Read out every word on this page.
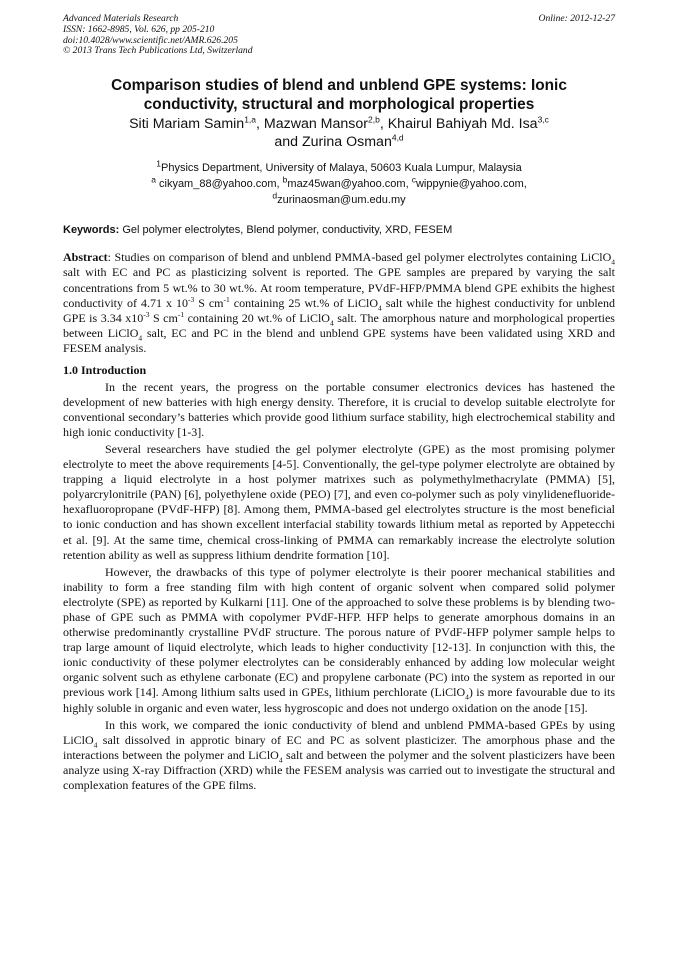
Advanced Materials Research
ISSN: 1662-8985, Vol. 626, pp 205-210
doi:10.4028/www.scientific.net/AMR.626.205
© 2013 Trans Tech Publications Ltd, Switzerland
Online: 2012-12-27
Comparison studies of blend and unblend GPE systems: Ionic
conductivity, structural and morphological properties
Siti Mariam Samin$^{1,a}$, Mazwan Mansor$^{2,b}$, Khairul Bahiyah Md. Isa$^{3,c}$
and Zurina Osman$^{4,d}$
$^1$Physics Department, University of Malaya, 50603 Kuala Lumpur, Malaysia
$^a$ cikyam_88@yahoo.com, $^b$maz45wan@yahoo.com, $^c$wippynie@yahoo.com,
$^d$zurinaosman@um.edu.my
Keywords: Gel polymer electrolytes, Blend polymer, conductivity, XRD, FESEM
Abstract: Studies on comparison of blend and unblend PMMA-based gel polymer electrolytes containing LiClO$_4$ salt with EC and PC as plasticizing solvent is reported. The GPE samples are prepared by varying the salt concentrations from 5 wt.% to 30 wt.%. At room temperature, PVdF-HFP/PMMA blend GPE exhibits the highest conductivity of 4.71 x $10^{-3}$ S $cm^{-1}$ containing 25 wt.% of LiClO$_4$ salt while the highest conductivity for unblend GPE is 3.34 $x10^{-3}$ S $cm^{-1}$ containing 20 wt.% of LiClO$_4$ salt. The amorphous nature and morphological properties between LiClO$_4$ salt, EC and PC in the blend and unblend GPE systems have been validated using XRD and FESEM analysis.
1.0 Introduction

In the recent years, the progress on the portable consumer electronics devices has hastened the development of new batteries with high energy density. Therefore, it is crucial to develop suitable electrolyte for conventional secondary’s batteries which provide good lithium surface stability, high electrochemical stability and high ionic conductivity [1-3].

Several researchers have studied the gel polymer electrolyte (GPE) as the most promising polymer electrolyte to meet the above requirements [4-5]. Conventionally, the gel-type polymer electrolyte are obtained by trapping a liquid electrolyte in a host polymer matrixes such as polymethylmethacrylate (PMMA) [5], polyarcrylonitrile (PAN) [6], polyethylene oxide (PEO) [7], and even co-polymer such as poly vinylidenefluoride-hexafluoropropane (PVdF-HFP) [8]. Among them, PMMA-based gel electrolytes structure is the most beneficial to ionic conduction and has shown excellent interfacial stability towards lithium metal as reported by Appetecchi et al. [9]. At the same time, chemical cross-linking of PMMA can remarkably increase the electrolyte solution retention ability as well as suppress lithium dendrite formation [10].

However, the drawbacks of this type of polymer electrolyte is their poorer mechanical stabilities and inability to form a free standing film with high content of organic solvent when compared solid polymer electrolyte (SPE) as reported by Kulkarni [11]. One of the approached to solve these problems is by blending two-phase of GPE such as PMMA with copolymer PVdF-HFP. HFP helps to generate amorphous domains in an otherwise predominantly crystalline PVdF structure. The porous nature of PVdF-HFP polymer sample helps to trap large amount of liquid electrolyte, which leads to higher conductivity [12-13]. In conjunction with this, the ionic conductivity of these polymer electrolytes can be considerably enhanced by adding low molecular weight organic solvent such as ethylene carbonate (EC) and propylene carbonate (PC) into the system as reported in our previous work [14]. Among lithium salts used in GPEs, lithium perchlorate (LiClO$_4$) is more favourable due to its highly soluble in organic and even water, less hygroscopic and does not undergo oxidation on the anode [15].

In this work, we compared the ionic conductivity of blend and unblend PMMA-based GPEs by using LiClO$_4$ salt dissolved in approtic binary of EC and PC as solvent plasticizer. The amorphous phase and the interactions between the polymer and LiClO$_4$ salt and between the polymer and the solvent plasticizers have been analyze using X-ray Diffraction (XRD) while the FESEM analysis was carried out to investigate the structural and complexation features of the GPE films.
